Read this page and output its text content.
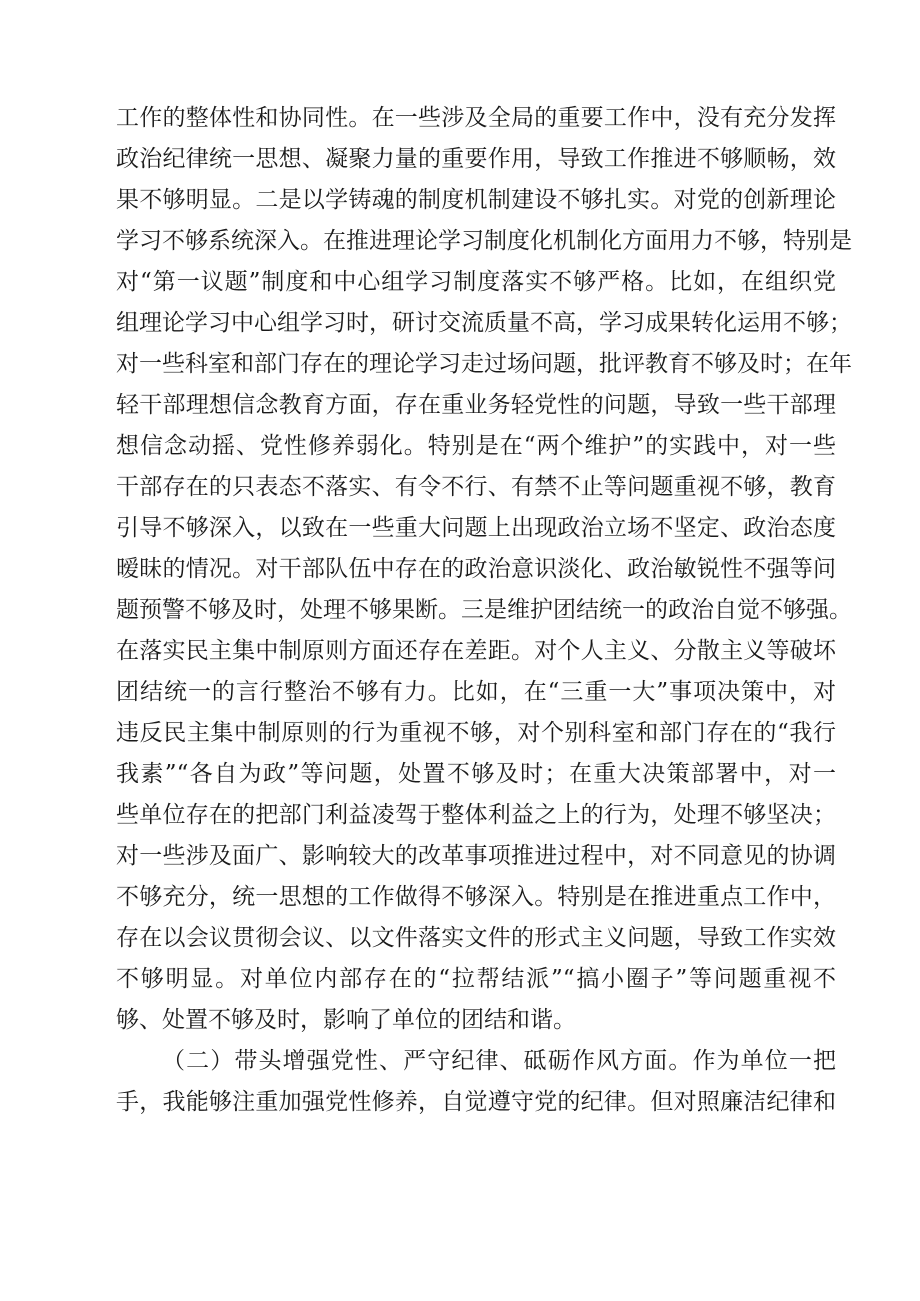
工作的整体性和协同性。在一些涉及全局的重要工作中，没有充分发挥
政治纪律统一思想、凝聚力量的重要作用，导致工作推进不够顺畅，效
果不够明显。二是以学铸魂的制度机制建设不够扎实。对党的创新理论
学习不够系统深入。在推进理论学习制度化机制化方面用力不够，特别是
对“第一议题”制度和中心组学习制度落实不够严格。比如，在组织党
组理论学习中心组学习时，研讨交流质量不高，学习成果转化运用不够；
对一些科室和部门存在的理论学习走过场问题，批评教育不够及时；在年
轻干部理想信念教育方面，存在重业务轻党性的问题，导致一些干部理
想信念动摇、党性修养弱化。特别是在“两个维护”的实践中，对一些
干部存在的只表态不落实、有令不行、有禁不止等问题重视不够，教育
引导不够深入，以致在一些重大问题上出现政治立场不坚定、政治态度
暧昧的情况。对干部队伍中存在的政治意识淡化、政治敏锐性不强等问
题预警不够及时，处理不够果断。三是维护团结统一的政治自觉不够强。
在落实民主集中制原则方面还存在差距。对个人主义、分散主义等破坏
团结统一的言行整治不够有力。比如，在“三重一大”事项决策中，对
违反民主集中制原则的行为重视不够，对个别科室和部门存在的“我行
我素”“各自为政”等问题，处置不够及时；在重大决策部署中，对一
些单位存在的把部门利益凌驾于整体利益之上的行为，处理不够坚决；
对一些涉及面广、影响较大的改革事项推进过程中，对不同意见的协调
不够充分，统一思想的工作做得不够深入。特别是在推进重点工作中，
存在以会议贯彻会议、以文件落实文件的形式主义问题，导致工作实效
不够明显。对单位内部存在的“拉帮结派”“搞小圈子”等问题重视不
够、处置不够及时，影响了单位的团结和谐。
（二）带头增强党性、严守纪律、砥砺作风方面。作为单位一把
手，我能够注重加强党性修养，自觉遵守党的纪律。但对照廉洁纪律和
